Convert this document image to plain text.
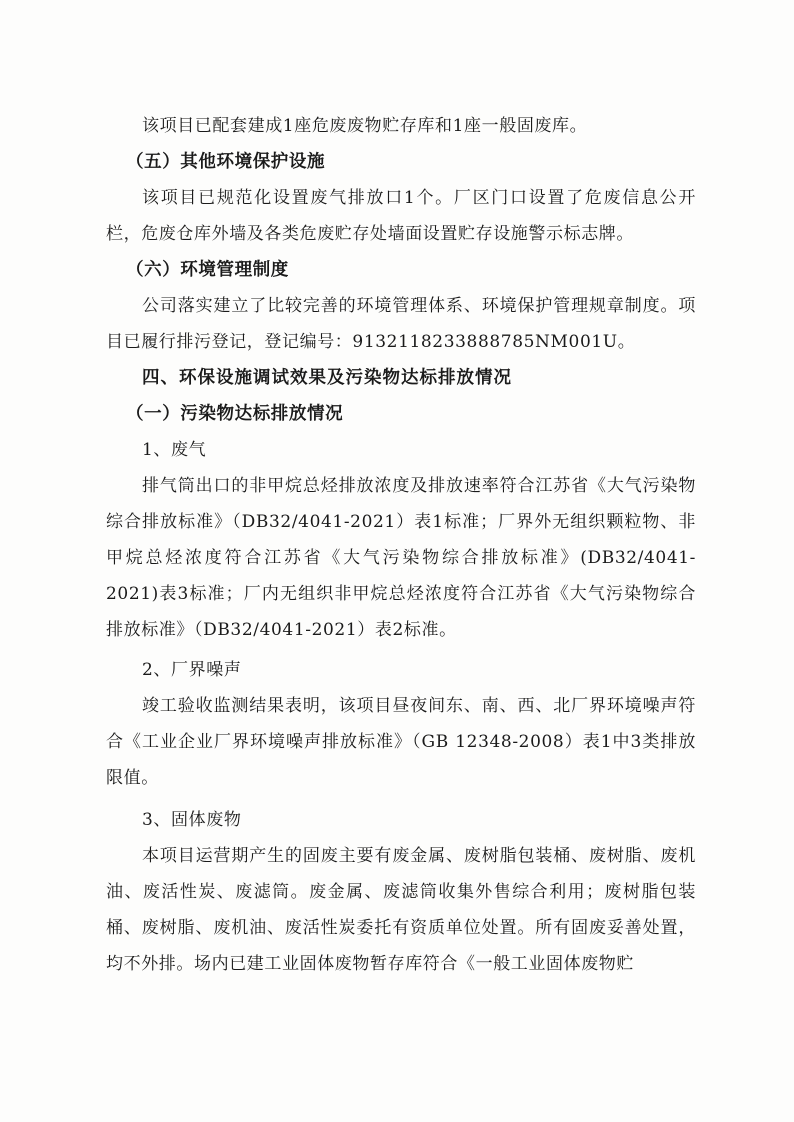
该项目已配套建成1座危废废物贮存库和1座一般固废库。

（五）其他环境保护设施

该项目已规范化设置废气排放口1个。厂区门口设置了危废信息公开栏，危废仓库外墙及各类危废贮存处墙面设置贮存设施警示标志牌。

（六）环境管理制度

公司落实建立了比较完善的环境管理体系、环境保护管理规章制度。项目已履行排污登记，登记编号：9132118233888785NM001U。

四、环保设施调试效果及污染物达标排放情况

（一）污染物达标排放情况

1、废气

排气筒出口的非甲烷总烃排放浓度及排放速率符合江苏省《大气污染物综合排放标准》（DB32/4041-2021）表1标准；厂界外无组织颗粒物、非甲烷总烃浓度符合江苏省《大气污染物综合排放标准》(DB32/4041-2021)表3标准；厂内无组织非甲烷总烃浓度符合江苏省《大气污染物综合排放标准》（DB32/4041-2021）表2标准。

2、厂界噪声

竣工验收监测结果表明，该项目昼夜间东、南、西、北厂界环境噪声符合《工业企业厂界环境噪声排放标准》（GB 12348-2008）表1中3类排放限值。

3、固体废物

本项目运营期产生的固废主要有废金属、废树脂包装桶、废树脂、废机油、废活性炭、废滤筒。废金属、废滤筒收集外售综合利用；废树脂包装桶、废树脂、废机油、废活性炭委托有资质单位处置。所有固废妥善处置，均不外排。场内已建工业固体废物暂存库符合《一般工业固体废物贮
